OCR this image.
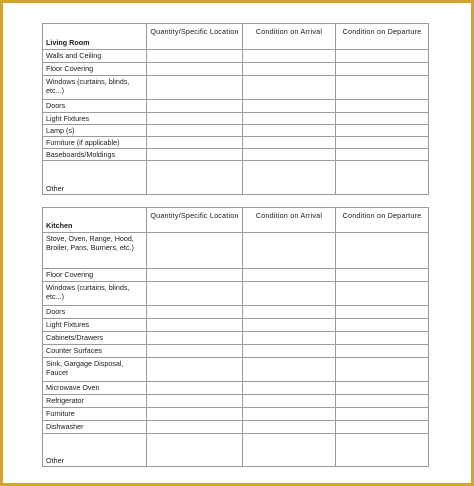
Living Room	Quantity/Specific Location	Condition on Arrival	Condition on Departure
Walls and Ceiling			
Floor Covering			
Windows (curtains, blinds, etc...)			
Doors			
Light Fixtures			
Lamp (s)			
Furniture (if applicable)			
Baseboards/Moldings			
Other			
Kitchen	Quantity/Specific Location	Condition on Arrival	Condition on Departure
Stove, Oven, Range, Hood, Broiler, Pans, Burners, etc.)			
Floor Covering			
Windows (curtains, blinds, etc...)			
Doors			
Light Fixtures			
Cabinets/Drawers			
Counter Surfaces			
Sink, Gargage Disposal, Faucet			
Microwave Oven			
Refrigerator			
Furniture			
Dishwasher			
Other			
